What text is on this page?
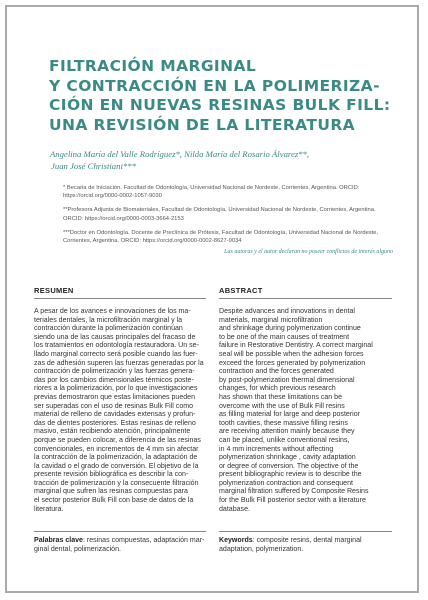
FILTRACIÓN MARGINAL
Y CONTRACCIÓN EN LA POLIMERIZA-
CIÓN EN NUEVAS RESINAS BULK FILL:
UNA REVISIÓN DE LA LITERATURA
Angelina María del Valle Rodríguez*, Nilda María del Rosario Álvarez**,
Juan José Christiani***

* Becaria de Iniciación. Facultad de Odontología, Universidad Nacional de Nordeste, Corrientes, Argentina. ORCID: https://orcid.org/0000-0002-1057-9030

**Profesora Adjunta de Biomateriales, Facultad de Odontología, Universidad Nacional de Nordeste, Corrientes, Argentina. ORCID: https://orcid.org/0000-0003-3664-2153

***Doctor en Odontología. Docente de Preclínica de Prótesis, Facultad de Odontología, Universidad Nacional de Nordeste, Corrientes, Argentina. ORCID: https://orcid.org/0000-0002-8627-9034

Las autoras y el autor declaran no poseer conflictos de interés alguno
RESUMEN
A pesar de los avances e innovaciones de los ma-
teriales dentales, la microfiltración marginal y la
contracción durante la polimerización continúan
siendo una de las causas principales del fracaso de
los tratamientos en odontología restauradora. Un se-
llado marginal correcto será posible cuando las fuer-
zas de adhesión superen las fuerzas generadas por la
contracción de polimerización y las fuerzas genera-
das por los cambios dimensionales térmicos poste-
riores a la polimerización, por lo que investigaciones
previas demostraron que estas limitaciones pueden
ser superadas con el uso de resinas Bulk Fill como
material de relleno de cavidades extensas y profun-
das de dientes posteriores. Estas resinas de relleno
masivo, están recibiendo atención, principalmente
porque se pueden colocar, a diferencia de las resinas
convencionales, en incrementos de 4 mm sin afectar
la contracción de la polimerización, la adaptación de
la cavidad o el grado de conversión. El objetivo de la
presente revisión bibliográfica es describir la con-
tracción de polimerización y la consecuente filtración
marginal que sufren las resinas compuestas para
el sector posterior Bulk Fill con base de datos de la
literatura.
Palabras clave: resinas compuestas, adaptación mar-
ginal dental, polimerización.
ABSTRACT
Despite advances and innovations in dental
materials, marginal microfiltration
and shrinkage during polymerization continue
to be one of the main causes of treatment
failure in Restorative Dentistry. A correct marginal
seal will be possible when the adhesion forces
exceed the forces generated by polymerization
contraction and the forces generated
by post-polymerization thermal dimensional
changes, for which previous research
has shown that these limitations can be
overcome with the use of Bulk Fill resins
as filling material for large and deep posterior
tooth cavities, these massive filling resins
are receiving attention mainly because they
can be placed, unlike conventional resins,
in 4 mm increments without affecting
polymerization shrinkage , cavity adaptation
or degree of conversion. The objective of the
present bibliographic review is to describe the
polymerization contraction and consequent
marginal filtration suffered by Composite Resins
for the Bulk Fill posterior sector with a literature
database.
Keywords: composite resins, dental marginal
adaptation, polymerization.
